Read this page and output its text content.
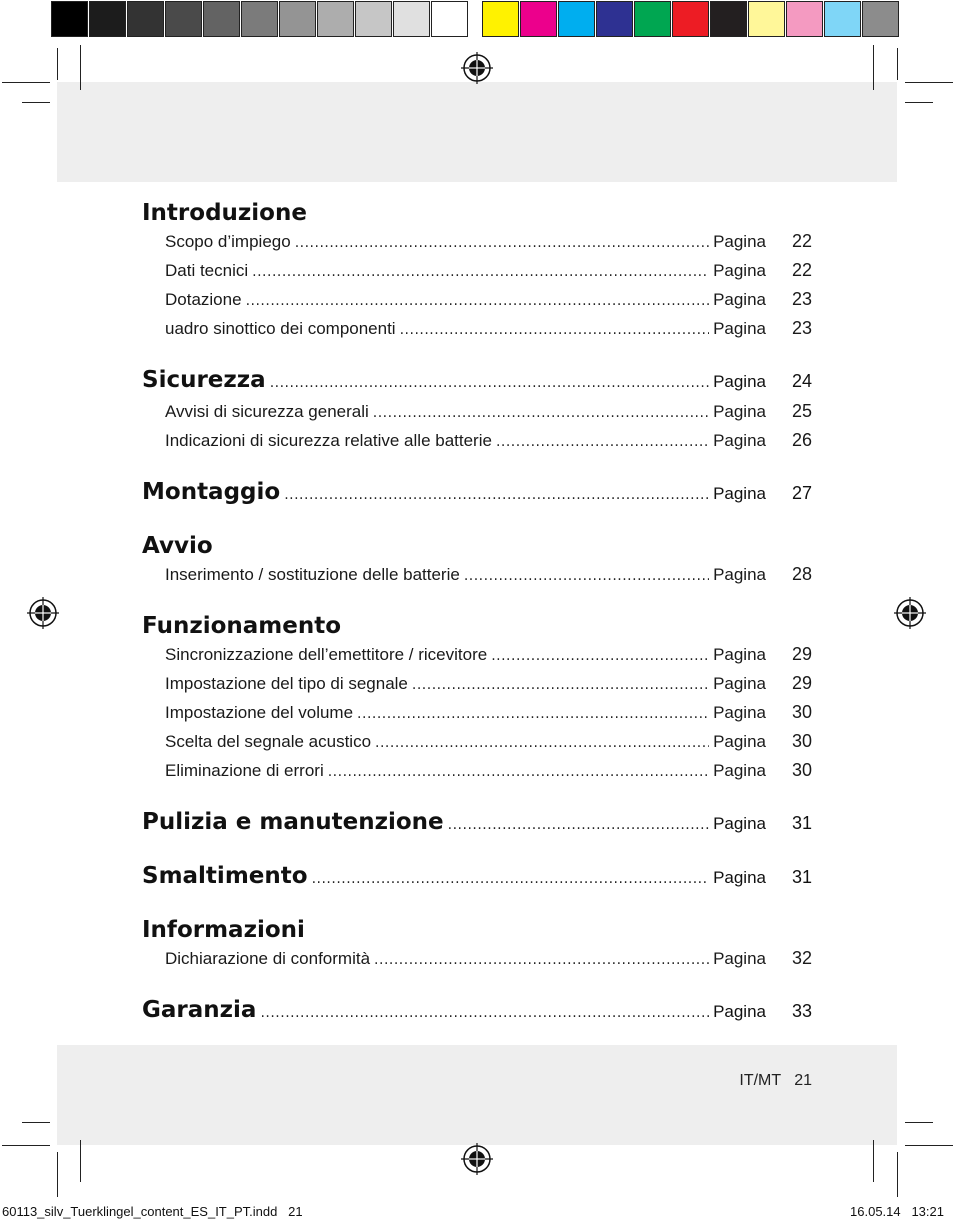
Introduzione
Scopo d’impiego .....	Pagina	22
Dati tecnici .....	Pagina	22
Dotazione .....	Pagina	23
uadro sinottico dei componenti .....	Pagina	23
Sicurezza .....	Pagina	24
Avvisi di sicurezza generali .....	Pagina	25
Indicazioni di sicurezza relative alle batterie .....	Pagina	26
Montaggio .....	Pagina	27
Avvio
Inserimento / sostituzione delle batterie .....	Pagina	28
Funzionamento
Sincronizzazione dell’emettitore / ricevitore .....	Pagina	29
Impostazione del tipo di segnale .....	Pagina	29
Impostazione del volume .....	Pagina	30
Scelta del segnale acustico .....	Pagina	30
Eliminazione di errori .....	Pagina	30
Pulizia e manutenzione .....	Pagina	31
Smaltimento .....	Pagina	31
Informazioni
Dichiarazione di conformità .....	Pagina	32
Garanzia .....	Pagina	33
IT/MT   21
60113_silv_Tuerklingel_content_ES_IT_PT.indd   21	16.05.14   13:21
